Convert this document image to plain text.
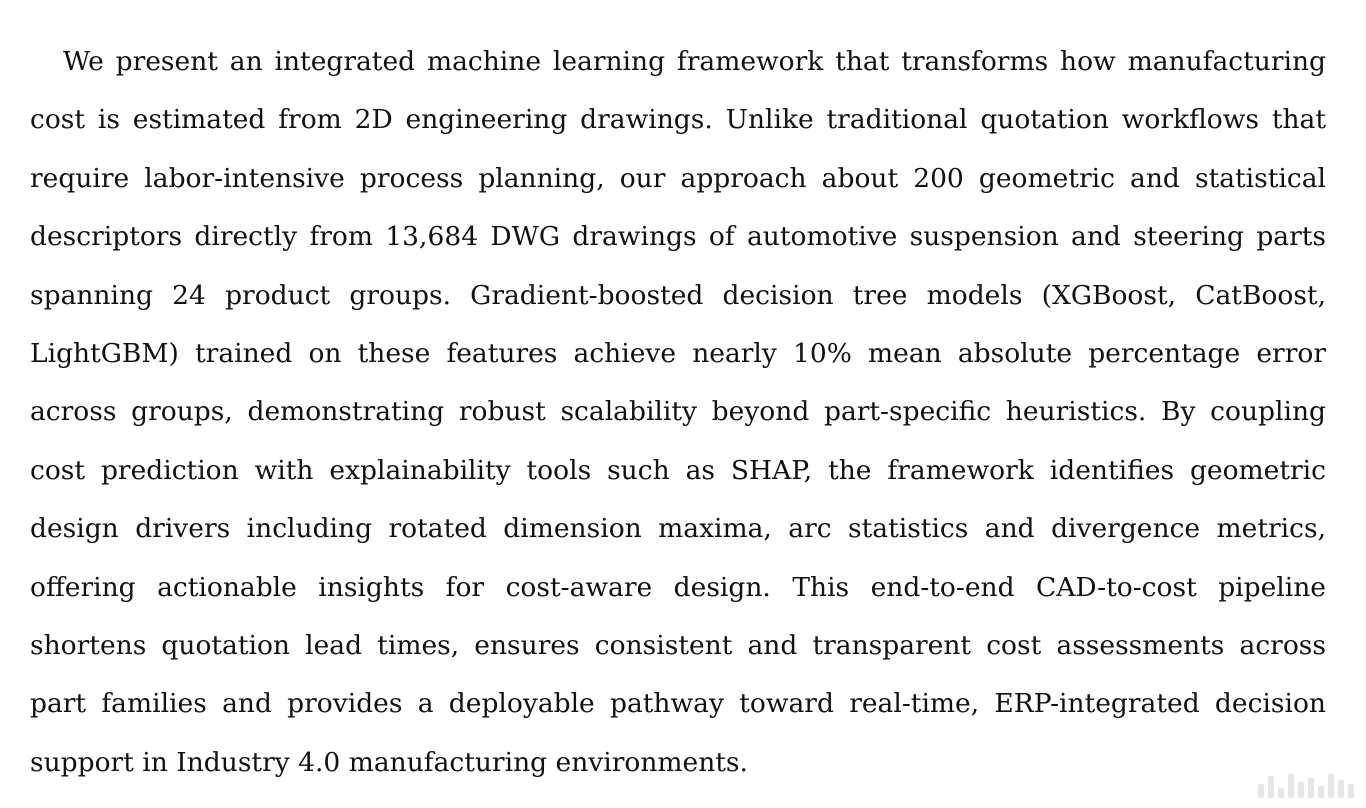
We present an integrated machine learning framework that transforms how manufacturing
cost is estimated from 2D engineering drawings. Unlike traditional quotation workflows that
require labor-intensive process planning, our approach about 200 geometric and statistical
descriptors directly from 13,684 DWG drawings of automotive suspension and steering parts
spanning 24 product groups. Gradient-boosted decision tree models (XGBoost, CatBoost,
LightGBM) trained on these features achieve nearly 10% mean absolute percentage error
across groups, demonstrating robust scalability beyond part-specific heuristics. By coupling
cost prediction with explainability tools such as SHAP, the framework identifies geometric
design drivers including rotated dimension maxima, arc statistics and divergence metrics,
offering actionable insights for cost-aware design. This end-to-end CAD-to-cost pipeline
shortens quotation lead times, ensures consistent and transparent cost assessments across
part families and provides a deployable pathway toward real-time, ERP-integrated decision
support in Industry 4.0 manufacturing environments.
